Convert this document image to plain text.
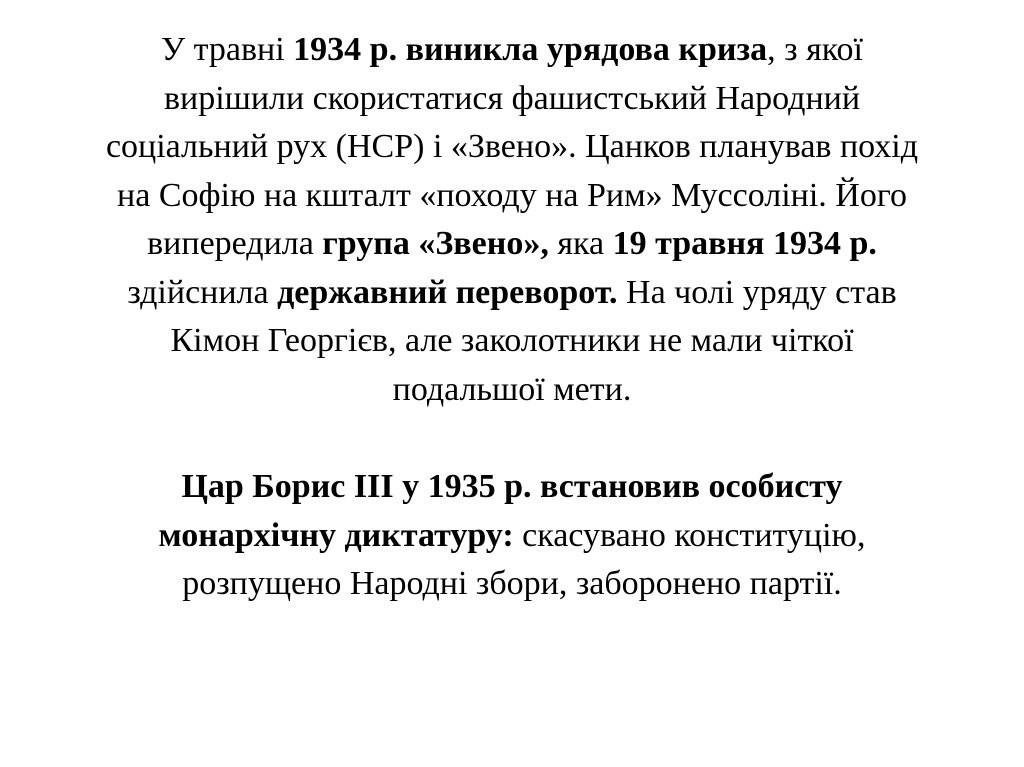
У травні 1934 р. виникла урядова криза, з якої
вирішили скористатися фашистський Народний
соціальний рух (НСР) і «Звено». Цанков планував похід
на Софію на кшталт «походу на Рим» Муссоліні. Його
випередила група «Звено», яка 19 травня 1934 р.
здійснила державний переворот. На чолі уряду став
Кімон Георгієв, але заколотники не мали чіткої
подальшої мети.
Цар Борис ІІІ у 1935 р. встановив особисту
монархічну диктатуру: скасувано конституцію,
розпущено Народні збори, заборонено партії.
